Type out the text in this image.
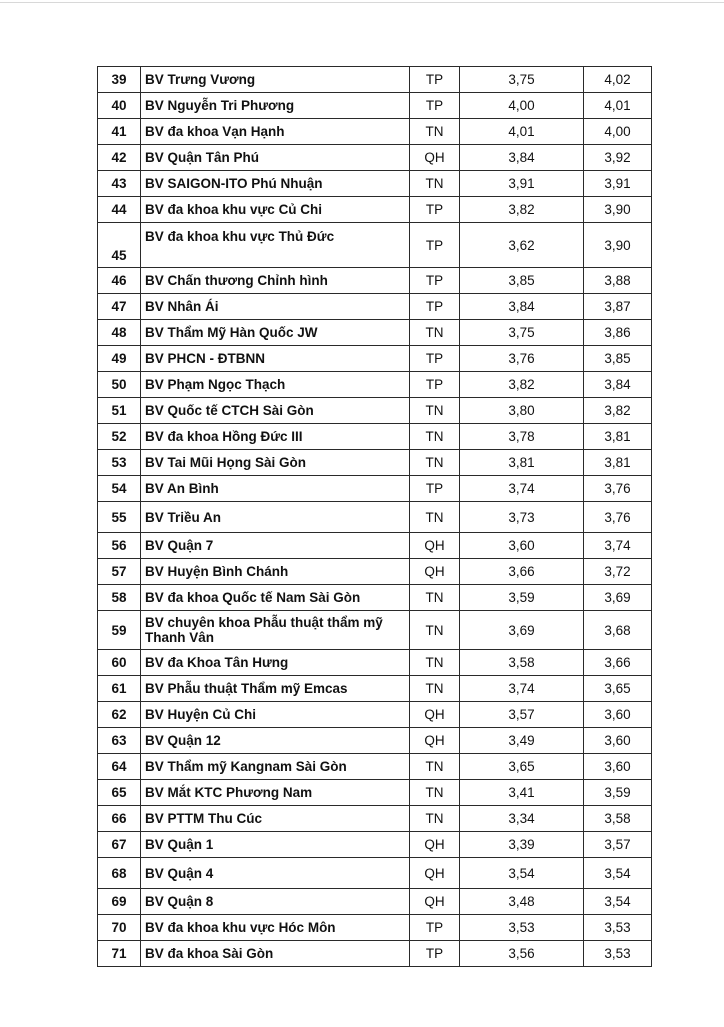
39	BV Trưng Vương	TP	3,75	4,02
40	BV Nguyễn Tri Phương	TP	4,00	4,01
41	BV đa khoa Vạn Hạnh	TN	4,01	4,00
42	BV Quận Tân Phú	QH	3,84	3,92
43	BV SAIGON-ITO Phú Nhuận	TN	3,91	3,91
44	BV đa khoa khu vực Củ Chi	TP	3,82	3,90
45	BV đa khoa khu vực Thủ Đức	TP	3,62	3,90
46	BV Chấn thương Chỉnh hình	TP	3,85	3,88
47	BV Nhân Ái	TP	3,84	3,87
48	BV Thẩm Mỹ Hàn Quốc JW	TN	3,75	3,86
49	BV PHCN - ĐTBNN	TP	3,76	3,85
50	BV Phạm Ngọc Thạch	TP	3,82	3,84
51	BV Quốc tế CTCH Sài Gòn	TN	3,80	3,82
52	BV đa khoa Hồng Đức III	TN	3,78	3,81
53	BV Tai Mũi Họng Sài Gòn	TN	3,81	3,81
54	BV An Bình	TP	3,74	3,76
55	BV Triều An	TN	3,73	3,76
56	BV Quận 7	QH	3,60	3,74
57	BV Huyện Bình Chánh	QH	3,66	3,72
58	BV đa khoa Quốc tế Nam Sài Gòn	TN	3,59	3,69
59	BV chuyên khoa Phẫu thuật thẩm mỹ Thanh Vân	TN	3,69	3,68
60	BV đa Khoa Tân Hưng	TN	3,58	3,66
61	BV Phẫu thuật Thẩm mỹ Emcas	TN	3,74	3,65
62	BV Huyện Củ Chi	QH	3,57	3,60
63	BV Quận 12	QH	3,49	3,60
64	BV Thẩm mỹ Kangnam Sài Gòn	TN	3,65	3,60
65	BV Mắt KTC Phương Nam	TN	3,41	3,59
66	BV PTTM Thu Cúc	TN	3,34	3,58
67	BV Quận 1	QH	3,39	3,57
68	BV Quận 4	QH	3,54	3,54
69	BV Quận 8	QH	3,48	3,54
70	BV đa khoa khu vực Hóc Môn	TP	3,53	3,53
71	BV đa khoa Sài Gòn	TP	3,56	3,53
